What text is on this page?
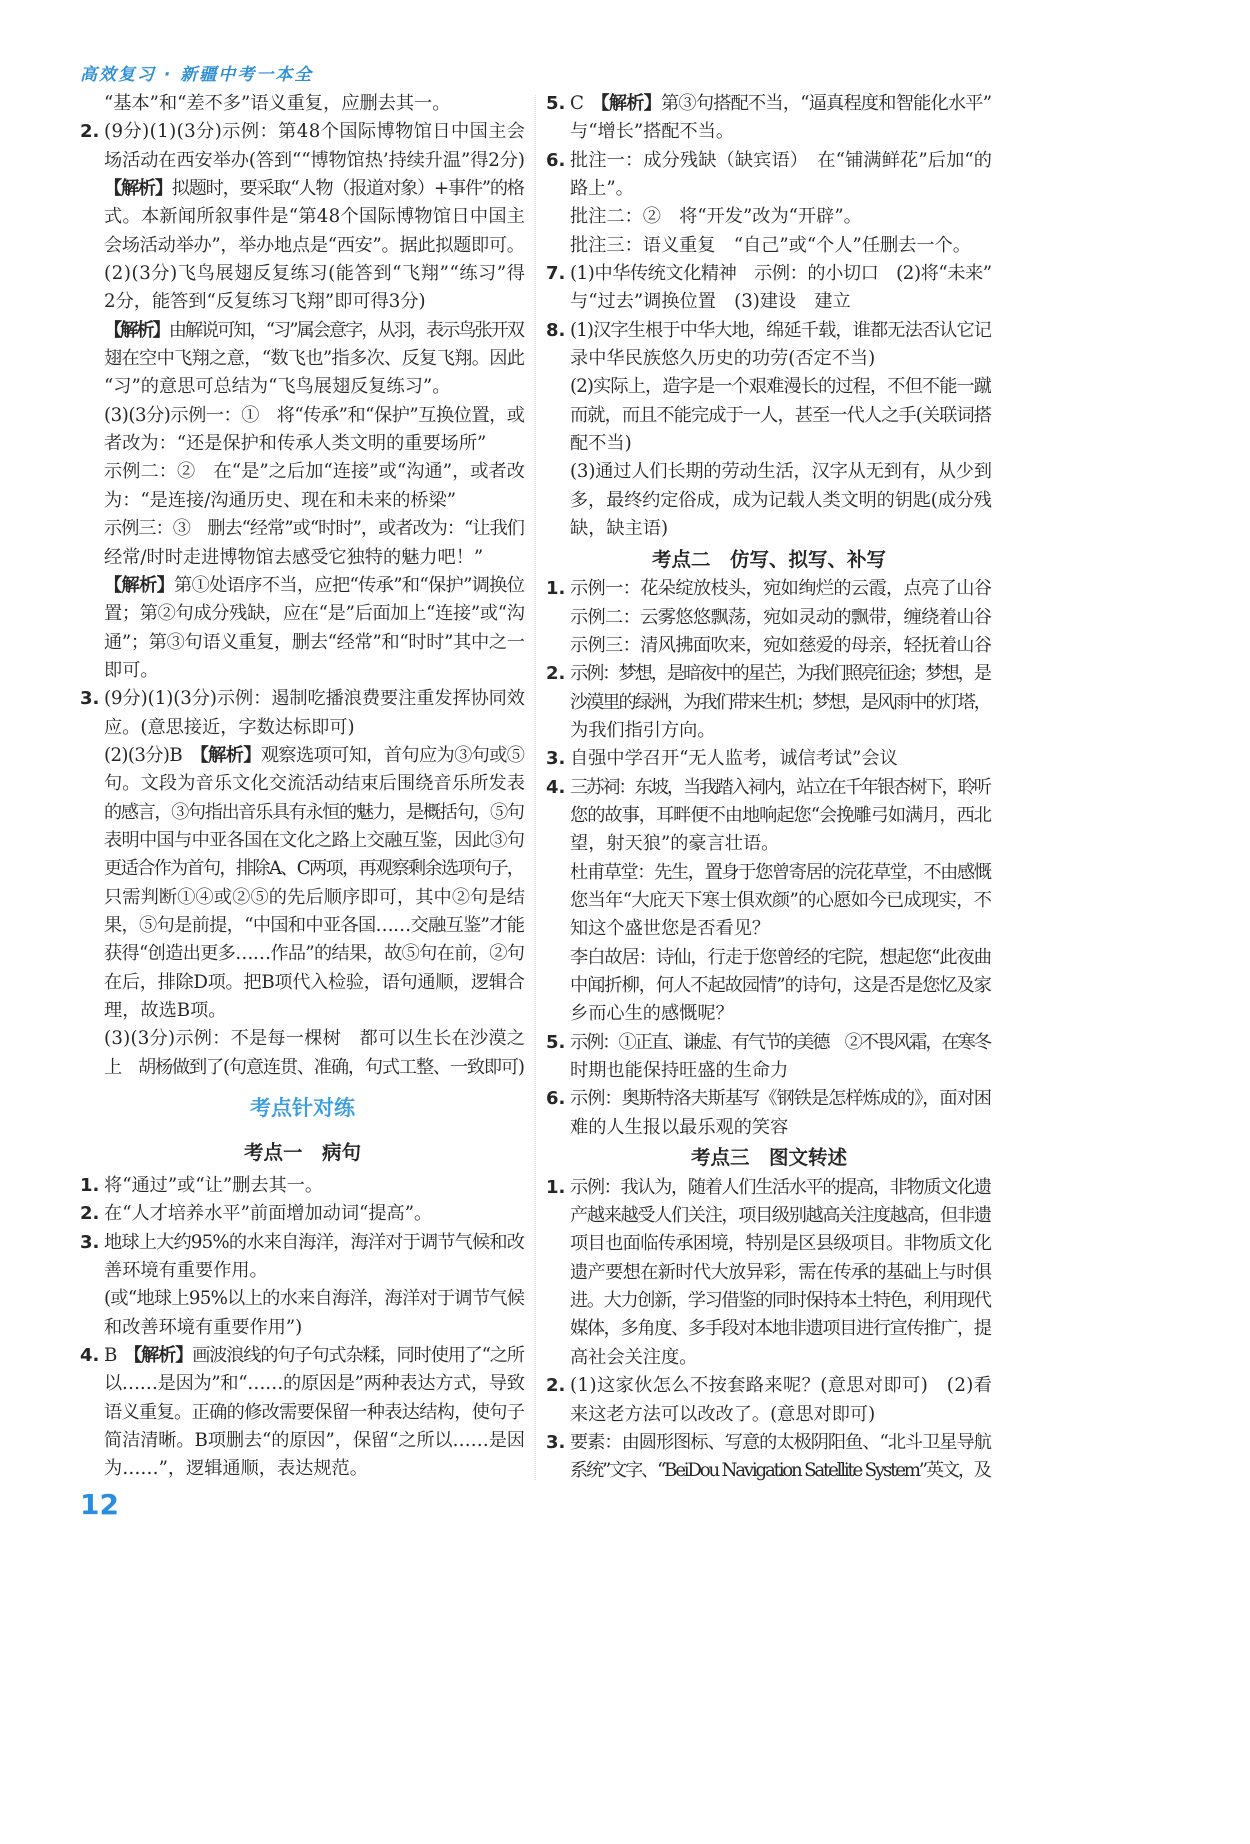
高效复习 · 新疆中考一本全
“基本”和“差不多”语义重复，应删去其一。
2. (9分)(1)(3分)示例：第48个国际博物馆日中国主会
场活动在西安举办(答到““博物馆热’持续升温”得2分)
【解析】拟题时，要采取“人物（报道对象）+事件”的格
式。本新闻所叙事件是“第48个国际博物馆日中国主
会场活动举办”，举办地点是“西安”。据此拟题即可。
(2)(3分)飞鸟展翅反复练习(能答到“飞翔”“练习”得
2分，能答到“反复练习飞翔”即可得3分)
【解析】由解说可知，“习”属会意字，从羽，表示鸟张开双
翅在空中飞翔之意，“数飞也”指多次、反复飞翔。因此
“习”的意思可总结为“飞鸟展翅反复练习”。
(3)(3分)示例一：①　将“传承”和“保护”互换位置，或
者改为：“还是保护和传承人类文明的重要场所”
示例二：②　在“是”之后加“连接”或“沟通”，或者改
为：“是连接/沟通历史、现在和未来的桥梁”
示例三：③　删去“经常”或“时时”，或者改为：“让我们
经常/时时走进博物馆去感受它独特的魅力吧！”
【解析】第①处语序不当，应把“传承”和“保护”调换位
置；第②句成分残缺，应在“是”后面加上“连接”或“沟
通”；第③句语义重复，删去“经常”和“时时”其中之一
即可。
3. (9分)(1)(3分)示例：遏制吃播浪费要注重发挥协同效
应。(意思接近，字数达标即可)
(2)(3分)B　【解析】观察选项可知，首句应为③句或⑤
句。文段为音乐文化交流活动结束后围绕音乐所发表
的感言，③句指出音乐具有永恒的魅力，是概括句，⑤句
表明中国与中亚各国在文化之路上交融互鉴，因此③句
更适合作为首句，排除A、C两项，再观察剩余选项句子，
只需判断①④或②⑤的先后顺序即可，其中②句是结
果，⑤句是前提，“中国和中亚各国……交融互鉴”才能
获得“创造出更多……作品”的结果，故⑤句在前，②句
在后，排除D项。把B项代入检验，语句通顺，逻辑合
理，故选B项。
(3)(3分)示例：不是每一棵树　都可以生长在沙漠之
上　胡杨做到了(句意连贯、准确，句式工整、一致即可)
考点针对练
考点一　病句
1. 将“通过”或“让”删去其一。
2. 在“人才培养水平”前面增加动词“提高”。
3. 地球上大约95%的水来自海洋，海洋对于调节气候和改
善环境有重要作用。
(或“地球上95%以上的水来自海洋，海洋对于调节气候
和改善环境有重要作用”)
4. B　【解析】画波浪线的句子句式杂糅，同时使用了“之所
以……是因为”和“……的原因是”两种表达方式，导致
语义重复。正确的修改需要保留一种表达结构，使句子
简洁清晰。B项删去“的原因”，保留“之所以……是因
为……”，逻辑通顺，表达规范。
5. C　【解析】第③句搭配不当，“逼真程度和智能化水平”
与“增长”搭配不当。
6. 批注一：成分残缺（缺宾语）　在“铺满鲜花”后加“的
路上”。
批注二：②　将“开发”改为“开辟”。
批注三：语义重复　“自己”或“个人”任删去一个。
7. (1)中华传统文化精神　示例：的小切口　(2)将“未来”
与“过去”调换位置　(3)建设　建立
8. (1)汉字生根于中华大地，绵延千载，谁都无法否认它记
录中华民族悠久历史的功劳(否定不当)
(2)实际上，造字是一个艰难漫长的过程，不但不能一蹴
而就，而且不能完成于一人，甚至一代人之手(关联词搭
配不当)
(3)通过人们长期的劳动生活，汉字从无到有，从少到
多，最终约定俗成，成为记载人类文明的钥匙(成分残
缺，缺主语)
考点二　仿写、拟写、补写
1. 示例一：花朵绽放枝头，宛如绚烂的云霞，点亮了山谷
示例二：云雾悠悠飘荡，宛如灵动的飘带，缠绕着山谷
示例三：清风拂面吹来，宛如慈爱的母亲，轻抚着山谷
2. 示例：梦想，是暗夜中的星芒，为我们照亮征途；梦想，是
沙漠里的绿洲，为我们带来生机；梦想，是风雨中的灯塔，
为我们指引方向。
3. 自强中学召开“无人监考，诚信考试”会议
4. 三苏祠：东坡，当我踏入祠内，站立在千年银杏树下，聆听
您的故事，耳畔便不由地响起您“会挽雕弓如满月，西北
望，射天狼”的豪言壮语。
杜甫草堂：先生，置身于您曾寄居的浣花草堂，不由感慨
您当年“大庇天下寒士俱欢颜”的心愿如今已成现实，不
知这个盛世您是否看见？
李白故居：诗仙，行走于您曾经的宅院，想起您“此夜曲
中闻折柳，何人不起故园情”的诗句，这是否是您忆及家
乡而心生的感慨呢？
5. 示例：①正直、谦虚、有气节的美德　②不畏风霜，在寒冬
时期也能保持旺盛的生命力
6. 示例：奥斯特洛夫斯基写《钢铁是怎样炼成的》，面对困
难的人生报以最乐观的笑容
考点三　图文转述
1. 示例：我认为，随着人们生活水平的提高，非物质文化遗
产越来越受人们关注，项目级别越高关注度越高，但非遗
项目也面临传承困境，特别是区县级项目。非物质文化
遗产要想在新时代大放异彩，需在传承的基础上与时俱
进。大力创新，学习借鉴的同时保持本土特色，利用现代
媒体，多角度、多手段对本地非遗项目进行宣传推广，提
高社会关注度。
2. (1)这家伙怎么不按套路来呢？(意思对即可)　(2)看
来这老方法可以改改了。(意思对即可)
3. 要素：由圆形图标、写意的太极阴阳鱼、“北斗卫星导航
系统”文字、“BeiDou Navigation Satellite System”英文，及
12
